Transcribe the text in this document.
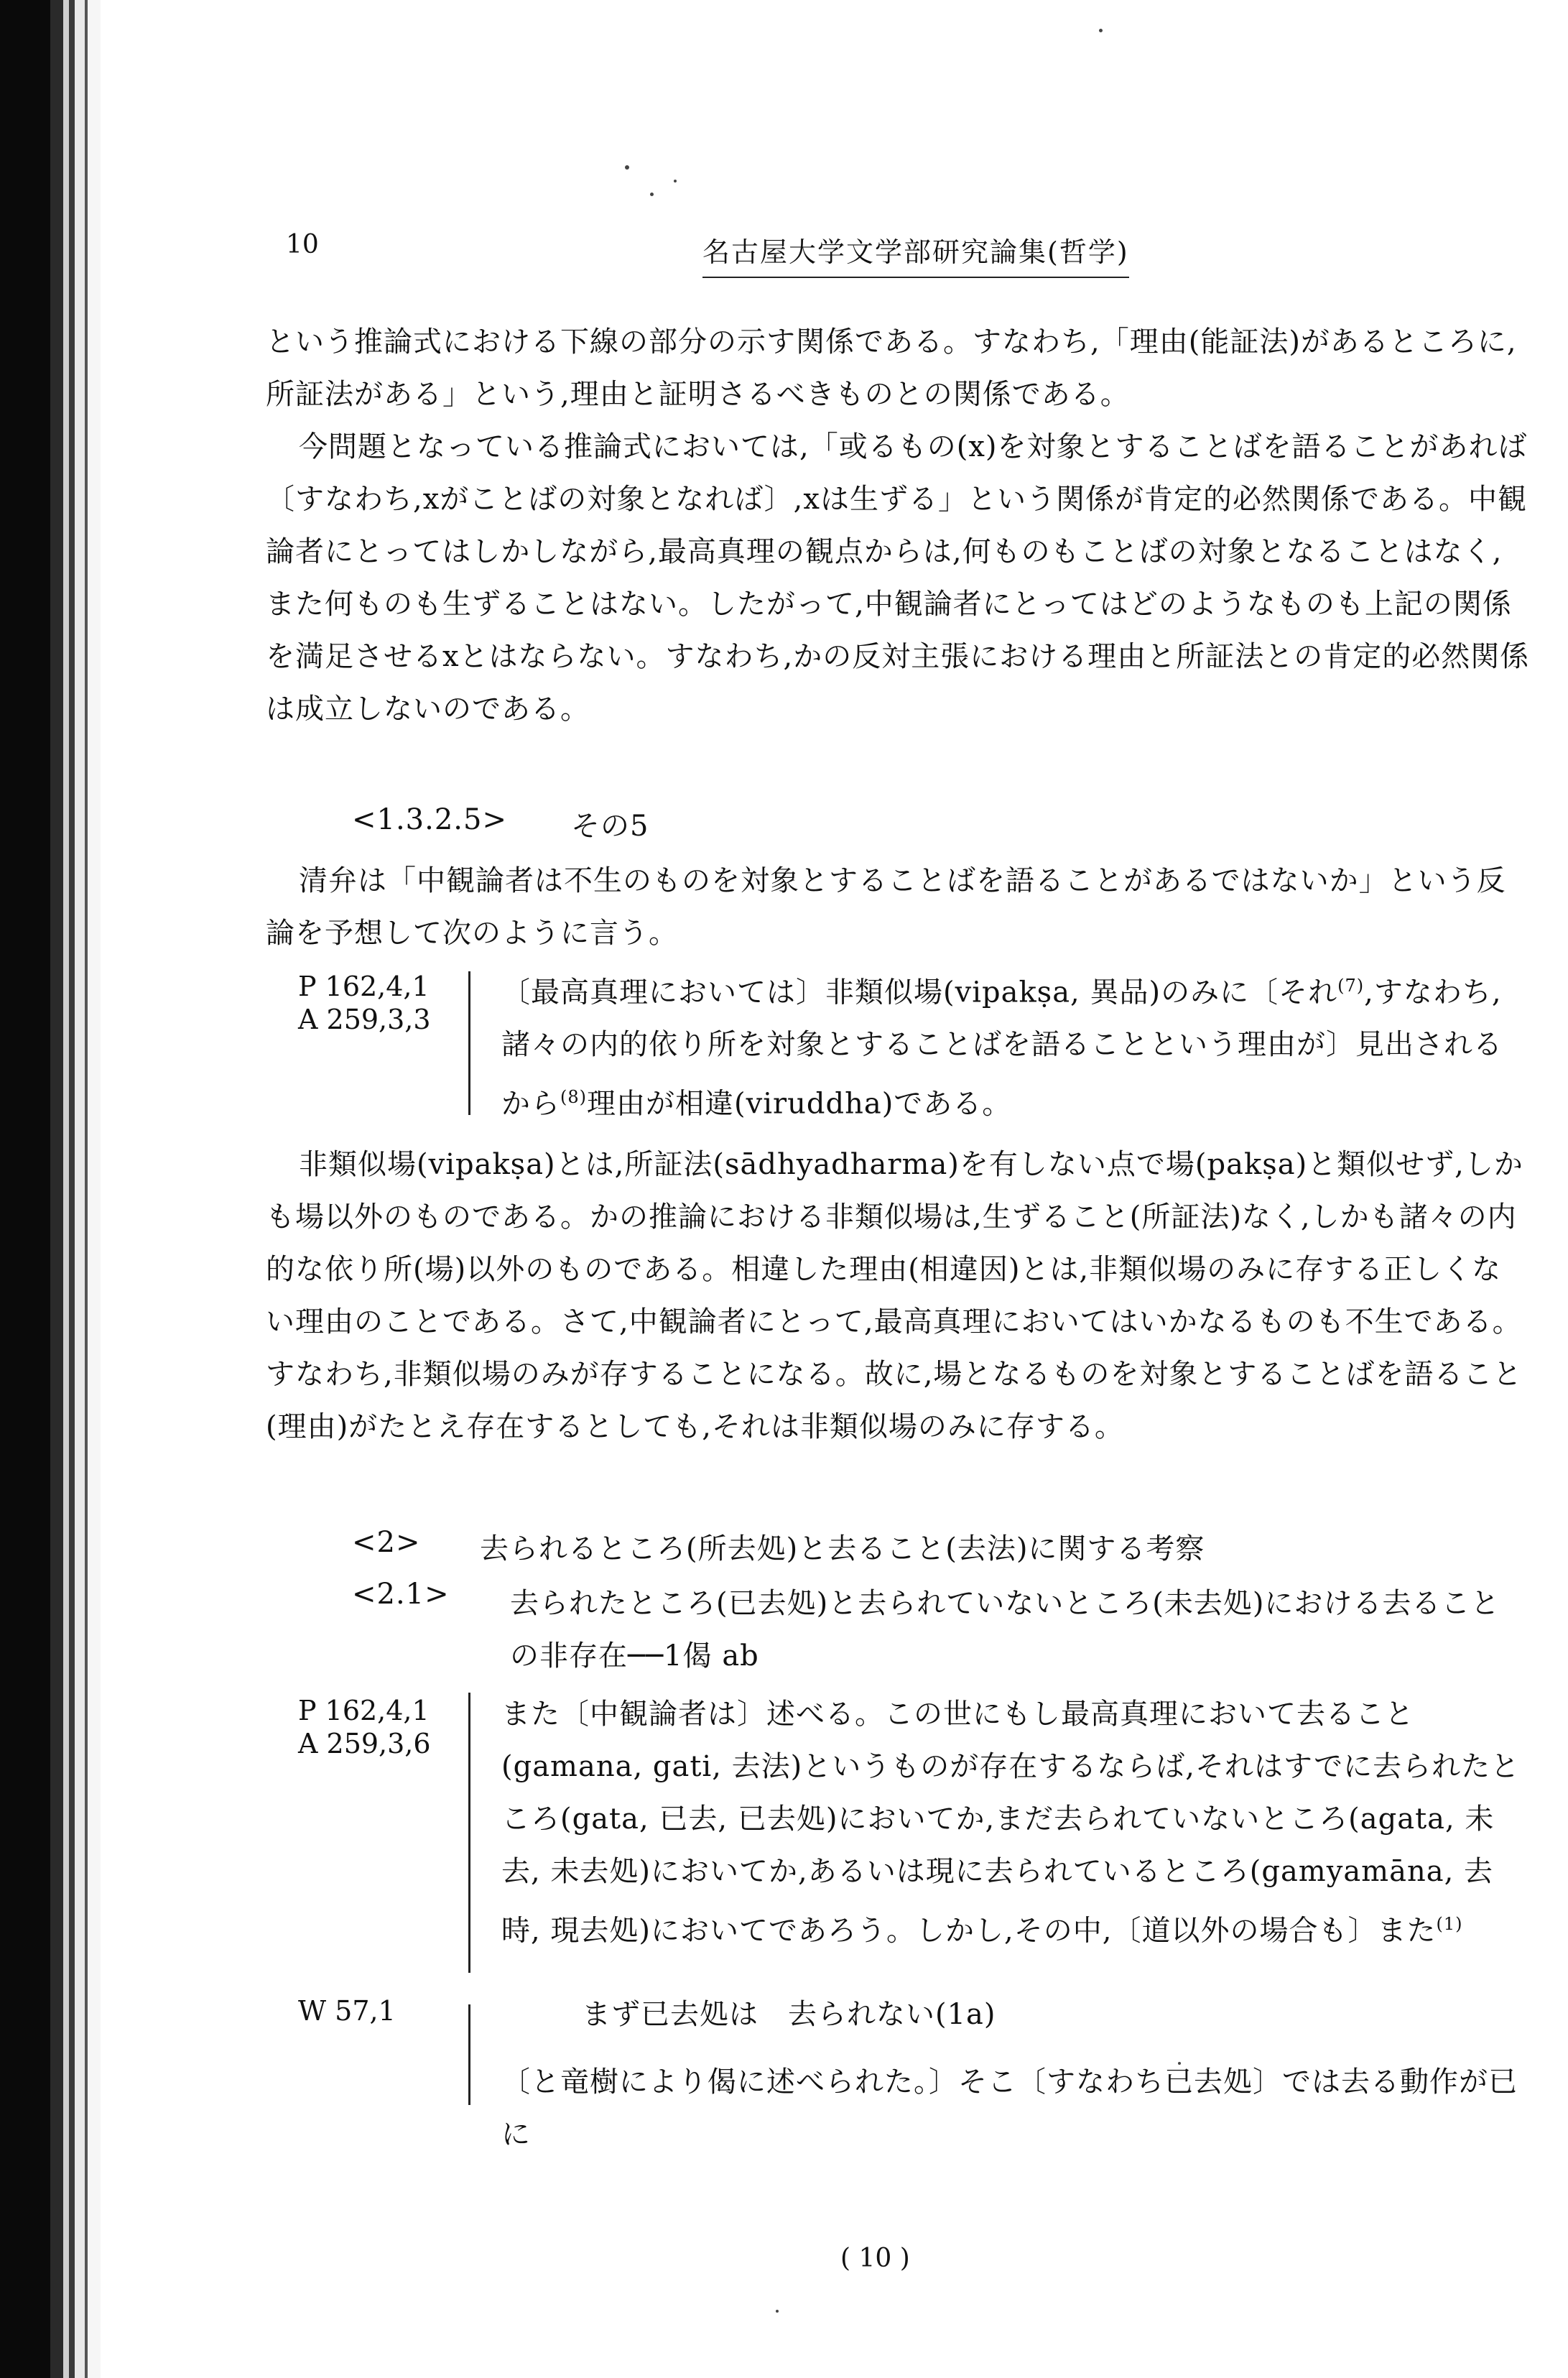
10	名古屋大学文学部研究論集(哲学)
という推論式における下線の部分の示す関係である。すなわち,「理由(能証法)があるところに,所証法がある」という,理由と証明さるべきものとの関係である。
今問題となっている推論式においては,「或るもの(x)を対象とすることばを語ることがあれば〔すなわち,xがことばの対象となれば〕,xは生ずる」という関係が肯定的必然関係である。中観論者にとってはしかしながら,最高真理の観点からは,何ものもことばの対象となることはなく,また何ものも生ずることはない。したがって,中観論者にとってはどのようなものも上記の関係を満足させるxとはならない。すなわち,かの反対主張における理由と所証法との肯定的必然関係は成立しないのである。
<1.3.2.5> その5
清弁は「中観論者は不生のものを対象とすることばを語ることがあるではないか」という反論を予想して次のように言う。
P 162,4,1
A 259,3,3
〔最高真理においては〕非類似場(vipakṣa, 異品)のみに〔それ$^{(7)}$,すなわち,諸々の内的依り所を対象とすることばを語ることという理由が〕見出されるから$^{(8)}$理由が相違(viruddha)である。
非類似場(vipakṣa)とは,所証法(sādhyadharma)を有しない点で場(pakṣa)と類似せず,しかも場以外のものである。かの推論における非類似場は,生ずること(所証法)なく,しかも諸々の内的な依り所(場)以外のものである。相違した理由(相違因)とは,非類似場のみに存する正しくない理由のことである。さて,中観論者にとって,最高真理においてはいかなるものも不生である。すなわち,非類似場のみが存することになる。故に,場となるものを対象とすることばを語ること(理由)がたとえ存在するとしても,それは非類似場のみに存する。
<2> 去られるところ(所去処)と去ること(去法)に関する考察
<2.1> 去られたところ(已去処)と去られていないところ(未去処)における去ることの非存在──1偈 ab
P 162,4,1
A 259,3,6
また〔中観論者は〕述べる。この世にもし最高真理において去ること(gamana, gati, 去法)というものが存在するならば,それはすでに去られたところ(gata, 已去, 已去処)においてか,まだ去られていないところ(agata, 未去, 未去処)においてか,あるいは現に去られているところ(gamyamāna, 去時, 現去処)においてであろう。しかし,その中,〔道以外の場合も〕また$^{(1)}$
W 57,1	まず已去処は　去られない(1a)
〔と竜樹により偈に述べられた。〕そこ〔すなわち已去処〕では去る動作が已に
( 10 )
